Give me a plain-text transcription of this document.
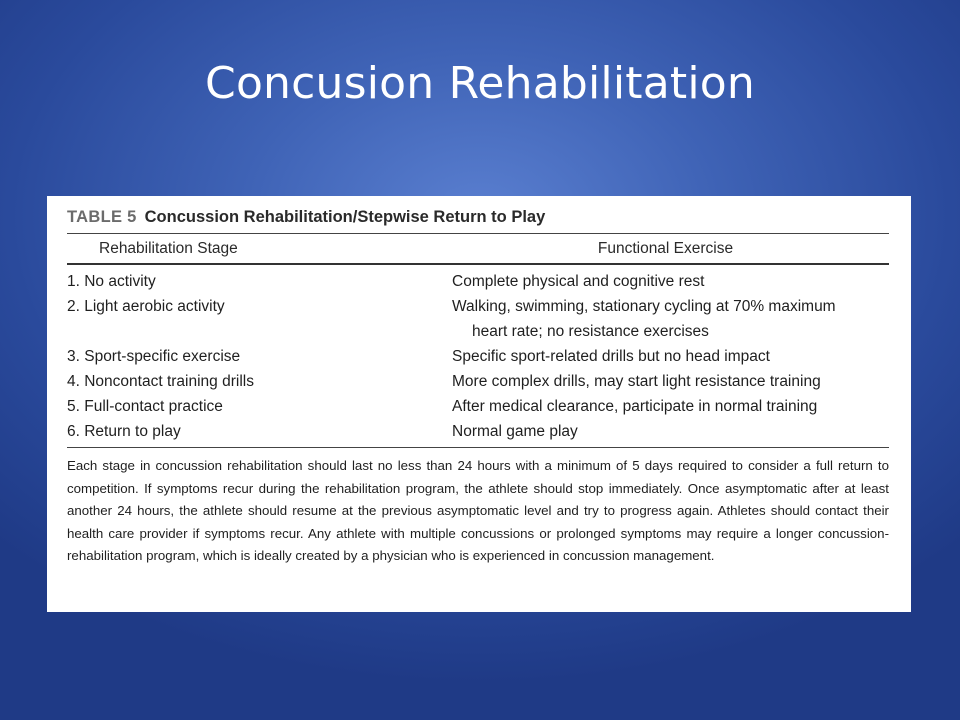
Concusion Rehabilitation
TABLE 5 Concussion Rehabilitation/Stepwise Return to Play
Rehabilitation Stage	Functional Exercise
1. No activity	Complete physical and cognitive rest
2. Light aerobic activity	Walking, swimming, stationary cycling at 70% maximum
heart rate; no resistance exercises
3. Sport-specific exercise	Specific sport-related drills but no head impact
4. Noncontact training drills	More complex drills, may start light resistance training
5. Full-contact practice	After medical clearance, participate in normal training
6. Return to play	Normal game play
Each stage in concussion rehabilitation should last no less than 24 hours with a minimum of 5 days required to consider a full return to competition. If symptoms recur during the rehabilitation program, the athlete should stop immediately. Once asymptomatic after at least another 24 hours, the athlete should resume at the previous asymptomatic level and try to progress again. Athletes should contact their health care provider if symptoms recur. Any athlete with multiple concussions or prolonged symptoms may require a longer concussion-rehabilitation program, which is ideally created by a physician who is experienced in concussion management.
